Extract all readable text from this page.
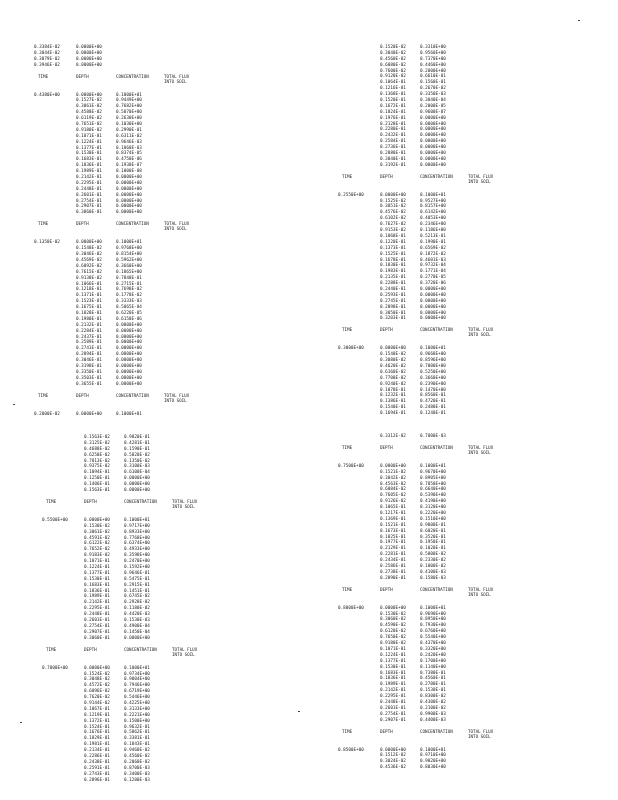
0.3384E-02	0.0000E+00
0.3044E-02	0.0000E+00
0.3079E-02	0.0000E+00
0.3946E-02	0.0000E+00
TIME	DEPTH	CONCENTRATION	TOTAL FLUX INTO SOIL
0.4380E+00	0.0000E+00	0.1000E+01
0.1527E-02	0.9449E+00
0.3061E-02	0.7682E+00
0.4588E-02	0.5070E+00
0.6119E-02	0.2630E+00
0.7651E-02	0.1030E+00
0.9180E-02	0.2990E-01
0.1071E-01	0.6311E-02
0.1224E-01	0.9646E-03
0.1377E-01	0.1060E-03
0.1530E-01	0.8374E-05
0.1683E-01	0.4750E-06
0.1836E-01	0.1930E-07
0.1989E-01	0.1000E-08
0.2142E-01	0.0000E+00
0.2295E-01	0.0000E+00
0.2448E-01	0.0000E+00
0.2601E-01	0.0000E+00
0.2754E-01	0.0000E+00
0.2907E-01	0.0000E+00
0.3060E-01	0.0000E+00
TIME	DEPTH	CONCENTRATION	TOTAL FLUX INTO SOIL
0.1350E-02	0.0000E+00	0.1000E+01
0.1548E-02	0.9768E+00
0.3046E-02	0.8154E+00
0.4569E-02	0.5962E+00
0.6092E-02	0.3660E+00
0.7615E-02	0.1865E+00
0.9138E-02	0.7848E-01
0.1066E-01	0.2715E-01
0.1218E-01	0.7698E-02
0.1371E-01	0.1778E-02
0.1523E-01	0.3333E-03
0.1675E-01	0.5065E-04
0.1828E-01	0.6220E-05
0.1980E-01	0.6150E-06
0.2132E-01	0.0000E+00
0.2284E-01	0.0000E+00
0.2437E-01	0.0000E+00
0.2589E-01	0.0000E+00
0.2741E-01	0.0000E+00
0.2894E-01	0.0000E+00
0.3046E-01	0.0000E+00
0.3198E-01	0.0000E+00
0.3350E-01	0.0000E+00
0.3503E-01	0.0000E+00
0.3655E-01	0.0000E+00
TIME	DEPTH	CONCENTRATION	TOTAL FLUX INTO SOIL
0.2000E-02	0.0000E+00	0.1000E+01
0.1520E-02	0.3310E+00
0.3040E-02	0.9560E+00
0.4560E-02	0.7370E+00
0.6080E-02	0.4460E+00
0.7600E-02	0.2000E+00
0.9120E-02	0.6610E-01
0.1064E-01	0.1560E-01
0.1216E-01	0.2670E-02
0.1368E-01	0.3350E-03
0.1520E-01	0.3040E-04
0.1672E-01	0.2000E-05
0.1824E-01	0.9600E-07
0.1976E-01	0.0000E+00
0.2128E-01	0.0000E+00
0.2280E-01	0.0000E+00
0.2432E-01	0.0000E+00
0.2584E-01	0.0000E+00
0.2736E-01	0.0000E+00
0.2888E-01	0.0000E+00
0.3040E-01	0.0000E+00
0.3192E-01	0.0000E+00
TIME	DEPTH	CONCENTRATION	TOTAL FLUX INTO SOIL
0.2550E+00	0.0000E+00	0.1000E+01
0.1525E-02	0.9527E+00
0.3051E-02	0.8157E+00
0.4576E-02	0.6142E+00
0.6102E-02	0.4053E+00
0.7627E-02	0.2346E+00
0.9153E-02	0.1186E+00
0.1068E-01	0.5213E-01
0.1220E-01	0.1990E-01
0.1373E-01	0.6569E-02
0.1525E-01	0.1872E-02
0.1678E-01	0.4601E-03
0.1830E-01	0.9732E-04
0.1983E-01	0.1771E-04
0.2135E-01	0.2770E-05
0.2288E-01	0.3720E-06
0.2440E-01	0.0000E+00
0.2593E-01	0.0000E+00
0.2745E-01	0.0000E+00
0.2898E-01	0.0000E+00
0.3050E-01	0.0000E+00
0.3203E-01	0.0000E+00
TIME	DEPTH	CONCENTRATION	TOTAL FLUX INTO SOIL
0.3000E+00	0.0000E+00	0.1000E+01
0.1540E-02	0.9668E+00
0.3080E-02	0.8596E+00
0.4620E-02	0.7000E+00
0.6160E-02	0.5250E+00
0.7700E-02	0.3660E+00
0.9240E-02	0.2390E+00
0.1078E-01	0.1470E+00
0.1232E-01	0.8560E-01
0.1386E-01	0.4720E-01
0.1540E-01	0.2480E-01
0.1694E-01	0.1240E-01
0.1563E-02	0.9820E-01
0.3125E-02	0.4281E-01
0.4688E-02	0.1590E-01
0.6250E-02	0.5020E-02
0.7813E-02	0.1350E-02
0.9375E-02	0.3100E-03
0.1094E-01	0.6100E-04
0.1250E-01	0.0000E+00
0.1406E-01	0.0000E+00
0.1563E-01	0.0000E+00
TIME	DEPTH	CONCENTRATION	TOTAL FLUX INTO SOIL
0.5500E+00	0.0000E+00	0.1000E+01
0.1530E-02	0.9717E+00
0.3061E-02	0.8933E+00
0.4591E-02	0.7768E+00
0.6122E-02	0.6374E+00
0.7652E-02	0.4933E+00
0.9183E-02	0.3598E+00
0.1071E-01	0.2470E+00
0.1224E-01	0.1592E+00
0.1377E-01	0.9646E-01
0.1530E-01	0.5475E-01
0.1683E-01	0.2915E-01
0.1836E-01	0.1451E-01
0.1989E-01	0.6745E-02
0.2142E-01	0.2928E-02
0.2295E-01	0.1180E-02
0.2448E-01	0.4420E-03
0.2601E-01	0.1530E-03
0.2754E-01	0.4900E-04
0.2907E-01	0.1450E-04
0.3060E-01	0.0000E+00
TIME	DEPTH	CONCENTRATION	TOTAL FLUX INTO SOIL
0.7000E+00	0.0000E+00	0.1000E+01
0.1524E-02	0.9734E+00
0.3048E-02	0.9004E+00
0.4572E-02	0.7946E+00
0.6096E-02	0.6719E+00
0.7620E-02	0.5446E+00
0.9144E-02	0.4225E+00
0.1067E-01	0.3133E+00
0.1219E-01	0.2221E+00
0.1372E-01	0.1500E+00
0.1524E-01	0.9632E-01
0.1676E-01	0.5862E-01
0.1829E-01	0.3381E-01
0.1981E-01	0.1843E-01
0.2134E-01	0.9460E-02
0.2286E-01	0.4560E-02
0.2438E-01	0.2060E-02
0.2591E-01	0.8700E-03
0.2743E-01	0.3400E-03
0.2896E-01	0.1200E-03
0.3312E-02	0.7000E-03
TIME	DEPTH	CONCENTRATION	TOTAL FLUX INTO SOIL
0.7500E+00	0.0000E+00	0.1000E+01
0.1521E-02	0.9670E+00
0.3042E-02	0.8905E+00
0.4563E-02	0.7850E+00
0.6084E-02	0.6640E+00
0.7605E-02	0.5390E+00
0.9126E-02	0.4190E+00
0.1065E-01	0.3120E+00
0.1217E-01	0.2220E+00
0.1369E-01	0.1510E+00
0.1521E-01	0.9800E-01
0.1673E-01	0.6020E-01
0.1825E-01	0.3520E-01
0.1977E-01	0.1950E-01
0.2129E-01	0.1020E-01
0.2281E-01	0.5000E-02
0.2434E-01	0.2330E-02
0.2586E-01	0.1000E-02
0.2738E-01	0.4100E-03
0.2890E-01	0.1580E-03
TIME	DEPTH	CONCENTRATION	TOTAL FLUX INTO SOIL
0.8000E+00	0.0000E+00	0.1000E+01
0.1530E-02	0.9690E+00
0.3060E-02	0.8950E+00
0.4590E-02	0.7930E+00
0.6120E-02	0.6760E+00
0.7650E-02	0.5540E+00
0.9180E-02	0.4370E+00
0.1071E-01	0.3320E+00
0.1224E-01	0.2420E+00
0.1377E-01	0.1700E+00
0.1530E-01	0.1140E+00
0.1683E-01	0.7380E-01
0.1836E-01	0.4560E-01
0.1989E-01	0.2700E-01
0.2142E-01	0.1530E-01
0.2295E-01	0.8300E-02
0.2448E-01	0.4300E-02
0.2601E-01	0.2100E-02
0.2754E-01	0.9900E-03
0.2907E-01	0.4400E-03
TIME	DEPTH	CONCENTRATION	TOTAL FLUX INTO SOIL
0.8500E+00	0.0000E+00	0.1000E+01
0.1512E-02	0.9710E+00
0.3024E-02	0.9020E+00
0.4536E-02	0.8030E+00
